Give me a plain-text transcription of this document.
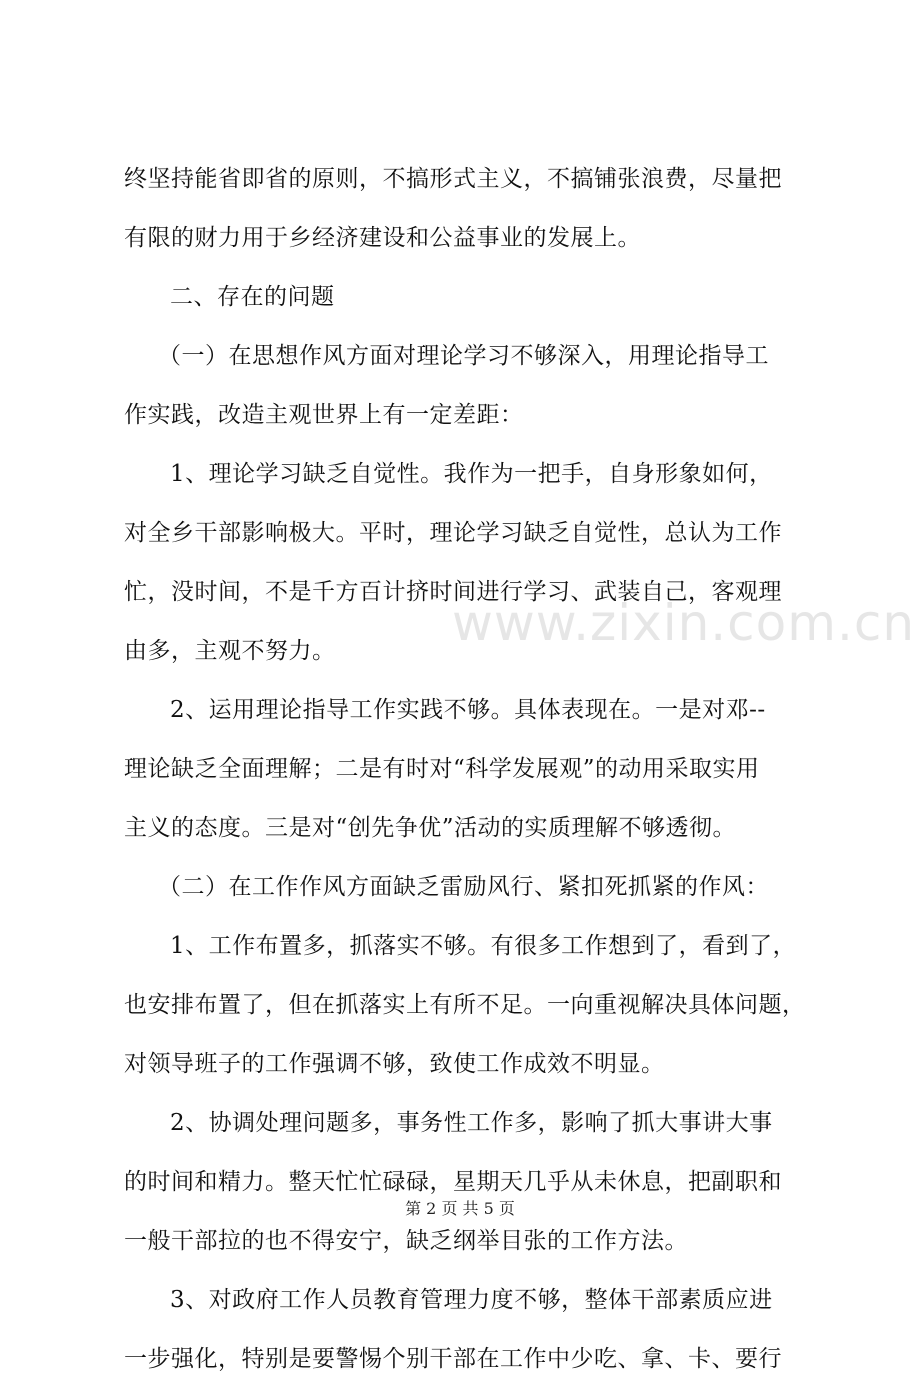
www.zixin.com.cn
终坚持能省即省的原则，不搞形式主义，不搞铺张浪费，尽量把
有限的财力用于乡经济建设和公益事业的发展上。
二、存在的问题
（一）在思想作风方面对理论学习不够深入，用理论指导工
作实践，改造主观世界上有一定差距：
1、理论学习缺乏自觉性。我作为一把手，自身形象如何，
对全乡干部影响极大。平时，理论学习缺乏自觉性，总认为工作
忙，没时间，不是千方百计挤时间进行学习、武装自己，客观理
由多，主观不努力。
2、运用理论指导工作实践不够。具体表现在。一是对邓--
理论缺乏全面理解；二是有时对“科学发展观”的动用采取实用
主义的态度。三是对“创先争优”活动的实质理解不够透彻。
（二）在工作作风方面缺乏雷励风行、紧扣死抓紧的作风：
1、工作布置多，抓落实不够。有很多工作想到了，看到了，
也安排布置了，但在抓落实上有所不足。一向重视解决具体问题，
对领导班子的工作强调不够，致使工作成效不明显。
2、协调处理问题多，事务性工作多，影响了抓大事讲大事
的时间和精力。整天忙忙碌碌，星期天几乎从未休息，把副职和
一般干部拉的也不得安宁，缺乏纲举目张的工作方法。
3、对政府工作人员教育管理力度不够，整体干部素质应进
一步强化，特别是要警惕个别干部在工作中少吃、拿、卡、要行
第 2 页 共 5 页
